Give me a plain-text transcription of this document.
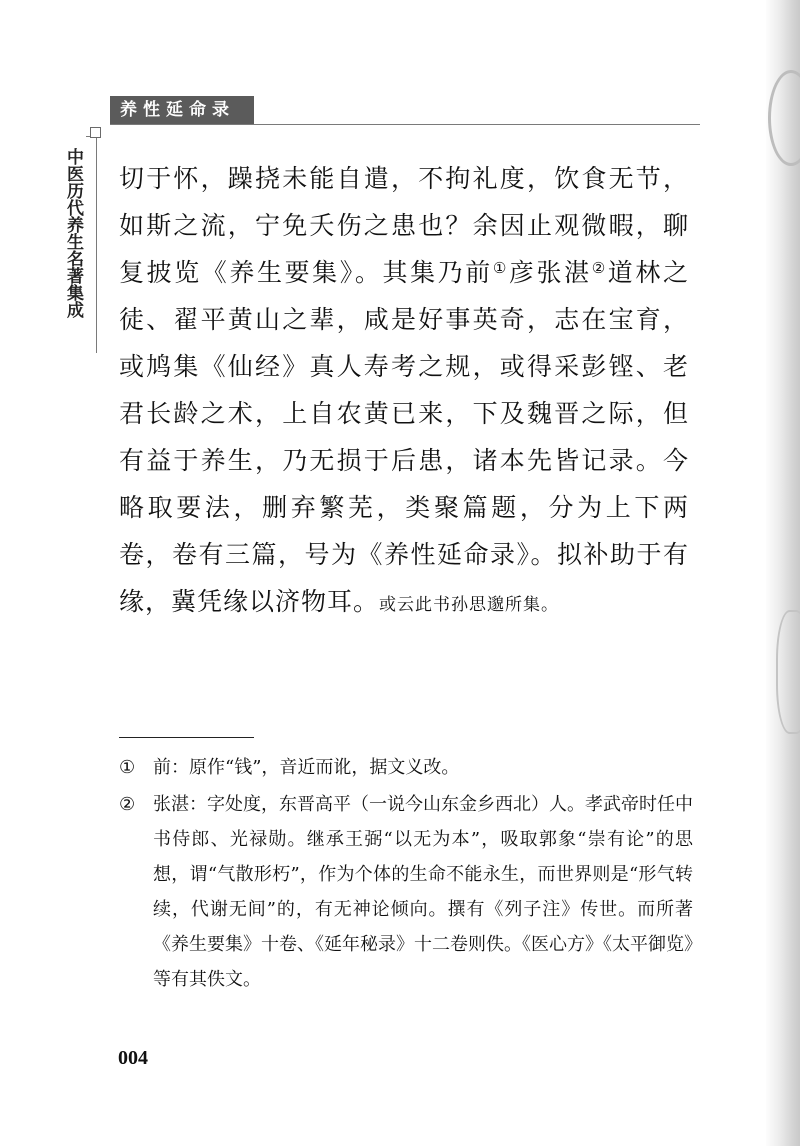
养性延命录
中医历代养生名著集成 切于怀，躁挠未能自遣，不拘礼度，饮食无节，如斯之流，宁免夭伤之患也？余因止观微暇，聊复披览《养生要集》。其集乃前①彦张湛②道林之徒、翟平黄山之辈，咸是好事英奇，志在宝育，或鸠集《仙经》真人寿考之规，或得采彭铿、老君长龄之术，上自农黄已来，下及魏晋之际，但有益于养生，乃无损于后患，诸本先皆记录。今略取要法，删弃繁芜，类聚篇题，分为上下两卷，卷有三篇，号为《养性延命录》。拟补助于有缘，冀凭缘以济物耳。或云此书孙思邈所集。

① 前：原作“钱”，音近而讹，据文义改。
② 张湛：字处度，东晋高平（一说今山东金乡西北）人。孝武帝时任中书侍郎、光禄勋。继承王弼“以无为本”，吸取郭象“崇有论”的思想，谓“气散形朽”，作为个体的生命不能永生，而世界则是“形气转续，代谢无间”的，有无神论倾向。撰有《列子注》传世。而所著《养生要集》十卷、《延年秘录》十二卷则佚。《医心方》《太平御览》等有其佚文。
004
